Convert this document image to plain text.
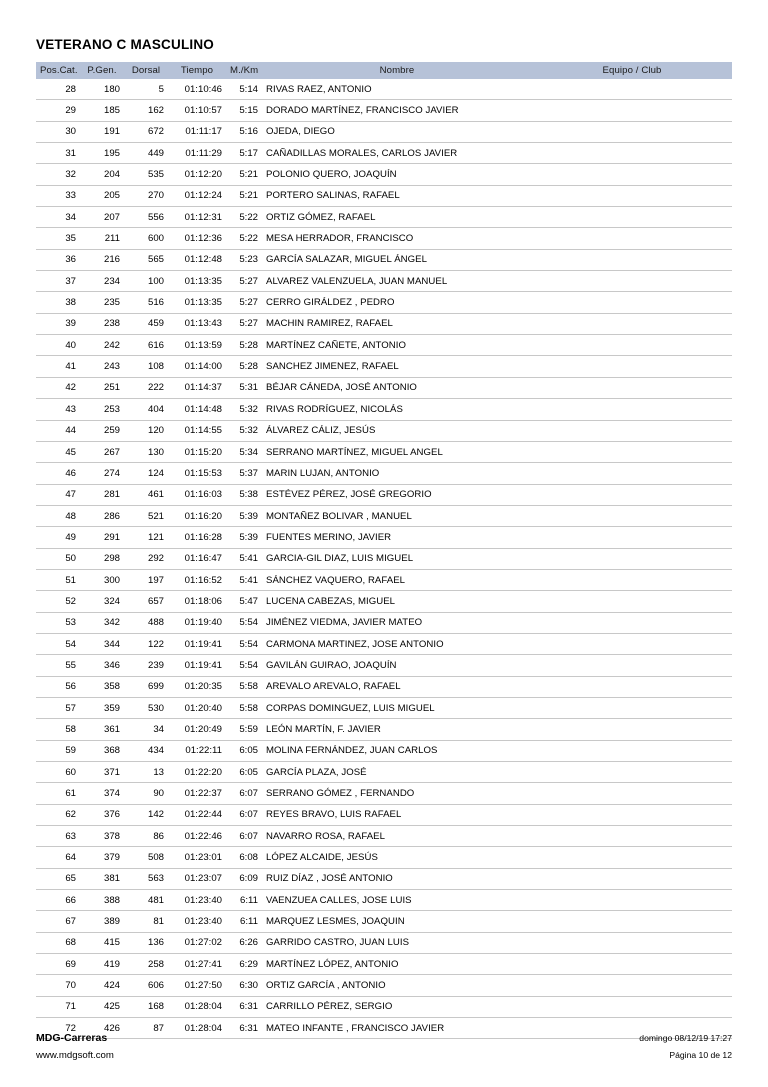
VETERANO C MASCULINO
Pos.Cat.	P.Gen.	Dorsal	Tiempo	M./Km	Nombre	Equipo / Club
28	180	5	01:10:46	5:14	RIVAS RAEZ, ANTONIO	
29	185	162	01:10:57	5:15	DORADO MARTÍNEZ, FRANCISCO JAVIER	
30	191	672	01:11:17	5:16	OJEDA, DIEGO	
31	195	449	01:11:29	5:17	CAÑADILLAS MORALES, CARLOS JAVIER	
32	204	535	01:12:20	5:21	POLONIO QUERO, JOAQUÍN	
33	205	270	01:12:24	5:21	PORTERO SALINAS, RAFAEL	
34	207	556	01:12:31	5:22	ORTIZ GÓMEZ, RAFAEL	
35	211	600	01:12:36	5:22	MESA HERRADOR, FRANCISCO	
36	216	565	01:12:48	5:23	GARCÍA SALAZAR, MIGUEL ÁNGEL	
37	234	100	01:13:35	5:27	ALVAREZ VALENZUELA, JUAN MANUEL	
38	235	516	01:13:35	5:27	CERRO GIRÁLDEZ , PEDRO	
39	238	459	01:13:43	5:27	MACHIN RAMIREZ, RAFAEL	
40	242	616	01:13:59	5:28	MARTÍNEZ CAÑETE, ANTONIO	
41	243	108	01:14:00	5:28	SANCHEZ JIMENEZ, RAFAEL	
42	251	222	01:14:37	5:31	BÉJAR CÁNEDA, JOSÉ ANTONIO	
43	253	404	01:14:48	5:32	RIVAS RODRÍGUEZ, NICOLÁS	
44	259	120	01:14:55	5:32	ÁLVAREZ CÁLIZ, JESÚS	
45	267	130	01:15:20	5:34	SERRANO MARTÍNEZ, MIGUEL ANGEL	
46	274	124	01:15:53	5:37	MARIN LUJAN, ANTONIO	
47	281	461	01:16:03	5:38	ESTÉVEZ PÉREZ, JOSÉ GREGORIO	
48	286	521	01:16:20	5:39	MONTAÑEZ BOLIVAR , MANUEL	
49	291	121	01:16:28	5:39	FUENTES MERINO, JAVIER	
50	298	292	01:16:47	5:41	GARCIA-GIL DIAZ, LUIS MIGUEL	
51	300	197	01:16:52	5:41	SÁNCHEZ VAQUERO, RAFAEL	
52	324	657	01:18:06	5:47	LUCENA CABEZAS, MIGUEL	
53	342	488	01:19:40	5:54	JIMÉNEZ VIEDMA, JAVIER MATEO	
54	344	122	01:19:41	5:54	CARMONA MARTINEZ, JOSE ANTONIO	
55	346	239	01:19:41	5:54	GAVILÁN GUIRAO, JOAQUÍN	
56	358	699	01:20:35	5:58	AREVALO AREVALO, RAFAEL	
57	359	530	01:20:40	5:58	CORPAS DOMINGUEZ, LUIS MIGUEL	
58	361	34	01:20:49	5:59	LEÓN MARTÍN, F. JAVIER	
59	368	434	01:22:11	6:05	MOLINA FERNÁNDEZ, JUAN CARLOS	
60	371	13	01:22:20	6:05	GARCÍA PLAZA, JOSÉ	
61	374	90	01:22:37	6:07	SERRANO GÓMEZ , FERNANDO	
62	376	142	01:22:44	6:07	REYES BRAVO, LUIS RAFAEL	
63	378	86	01:22:46	6:07	NAVARRO ROSA, RAFAEL	
64	379	508	01:23:01	6:08	LÓPEZ ALCAIDE, JESÚS	
65	381	563	01:23:07	6:09	RUIZ DÍAZ , JOSÉ ANTONIO	
66	388	481	01:23:40	6:11	VAENZUEA CALLES, JOSE LUIS	
67	389	81	01:23:40	6:11	MARQUEZ LESMES, JOAQUIN	
68	415	136	01:27:02	6:26	GARRIDO CASTRO, JUAN LUIS	
69	419	258	01:27:41	6:29	MARTÍNEZ LÓPEZ, ANTONIO	
70	424	606	01:27:50	6:30	ORTIZ GARCÍA , ANTONIO	
71	425	168	01:28:04	6:31	CARRILLO PÉREZ, SERGIO	
72	426	87	01:28:04	6:31	MATEO INFANTE , FRANCISCO JAVIER	
MDG-Carreras	domingo 08/12/19 17:27
www.mdgsoft.com	Página 10 de 12
